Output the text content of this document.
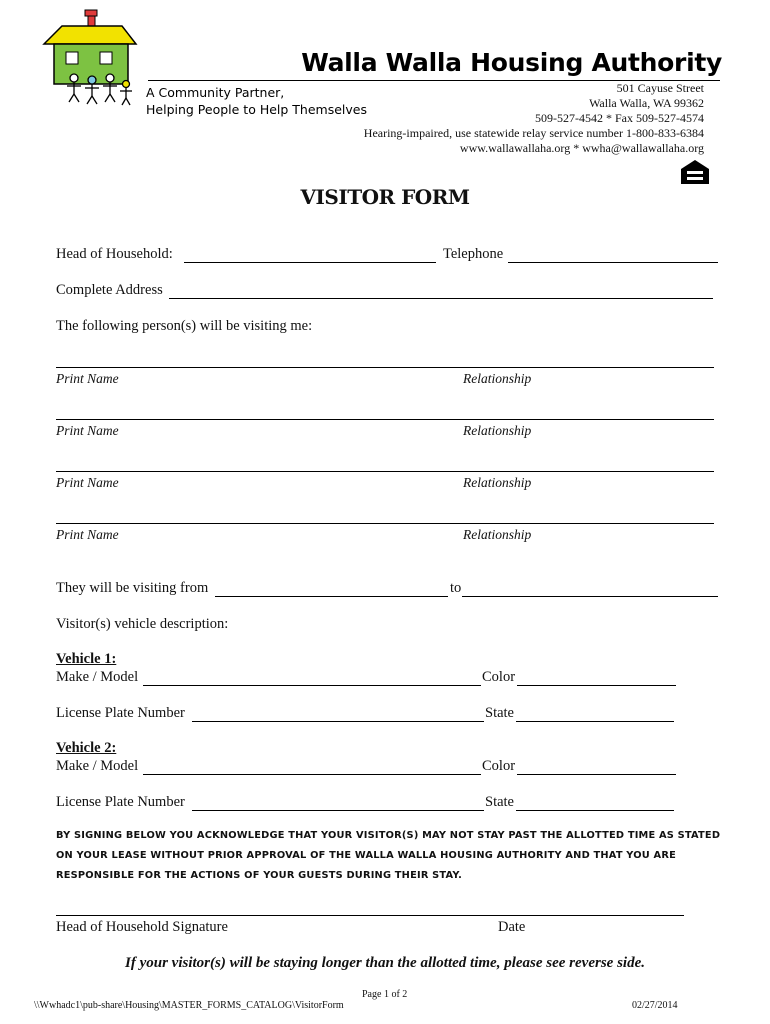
Walla Walla Housing Authority
A Community Partner,
Helping People to Help Themselves
501 Cayuse Street
Walla Walla, WA 99362
509-527-4542 * Fax 509-527-4574
Hearing-impaired, use statewide relay service number 1-800-833-6384
www.wallawallaha.org * wwha@wallawallaha.org
VISITOR FORM
Head of Household:	Telephone
Complete Address
The following person(s) will be visiting me:
Print Name	Relationship
Print Name	Relationship
Print Name	Relationship
Print Name	Relationship
They will be visiting from	to
Visitor(s) vehicle description:
Vehicle 1:
Make / Model	Color
License Plate Number	State
Vehicle 2:
Make / Model	Color
License Plate Number	State
BY SIGNING BELOW YOU ACKNOWLEDGE THAT YOUR VISITOR(S) MAY NOT STAY PAST THE ALLOTTED TIME AS STATED
ON YOUR LEASE WITHOUT PRIOR APPROVAL OF THE WALLA WALLA HOUSING AUTHORITY AND THAT YOU ARE
RESPONSIBLE FOR THE ACTIONS OF YOUR GUESTS DURING THEIR STAY.
Head of Household Signature	Date
If your visitor(s) will be staying longer than the allotted time, please see reverse side.
Page 1 of 2
\\Wwhadc1\pub-share\Housing\MASTER_FORMS_CATALOG\VisitorForm	02/27/2014
